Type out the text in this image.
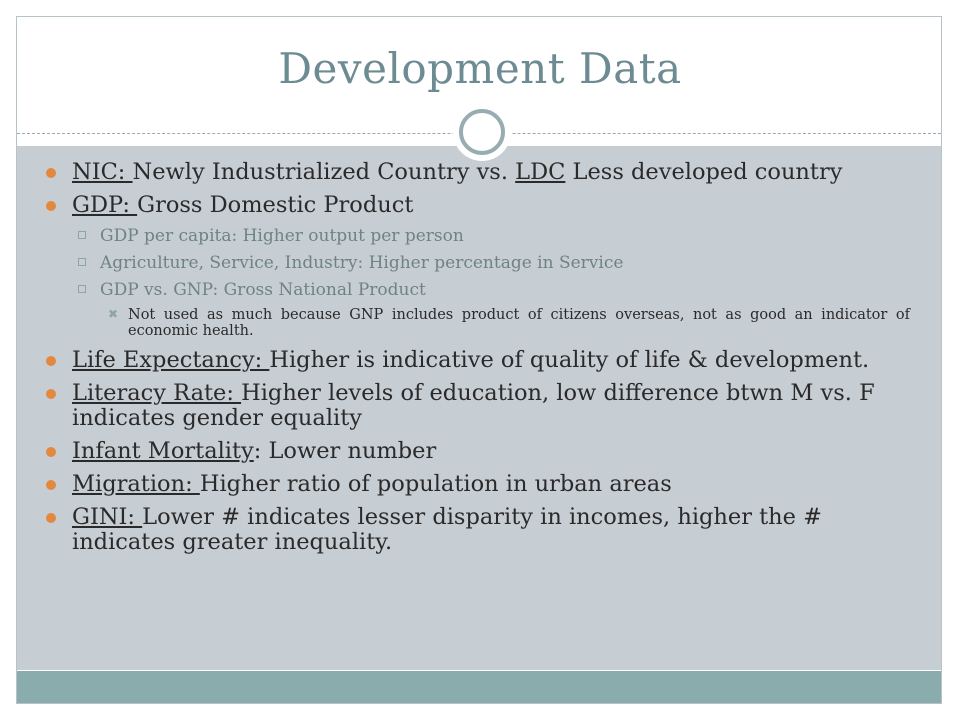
Development Data
NIC: Newly Industrialized Country vs. LDC Less developed country
GDP: Gross Domestic Product
GDP per capita: Higher output per person
Agriculture, Service, Industry: Higher percentage in Service
GDP vs. GNP: Gross National Product
✖ Not used as much because GNP includes product of citizens overseas, not as good an indicator of economic health.
Life Expectancy: Higher is indicative of quality of life & development.
Literacy Rate: Higher levels of education, low difference btwn M vs. F indicates gender equality
Infant Mortality: Lower number
Migration: Higher ratio of population in urban areas
GINI: Lower # indicates lesser disparity in incomes, higher the # indicates greater inequality.
